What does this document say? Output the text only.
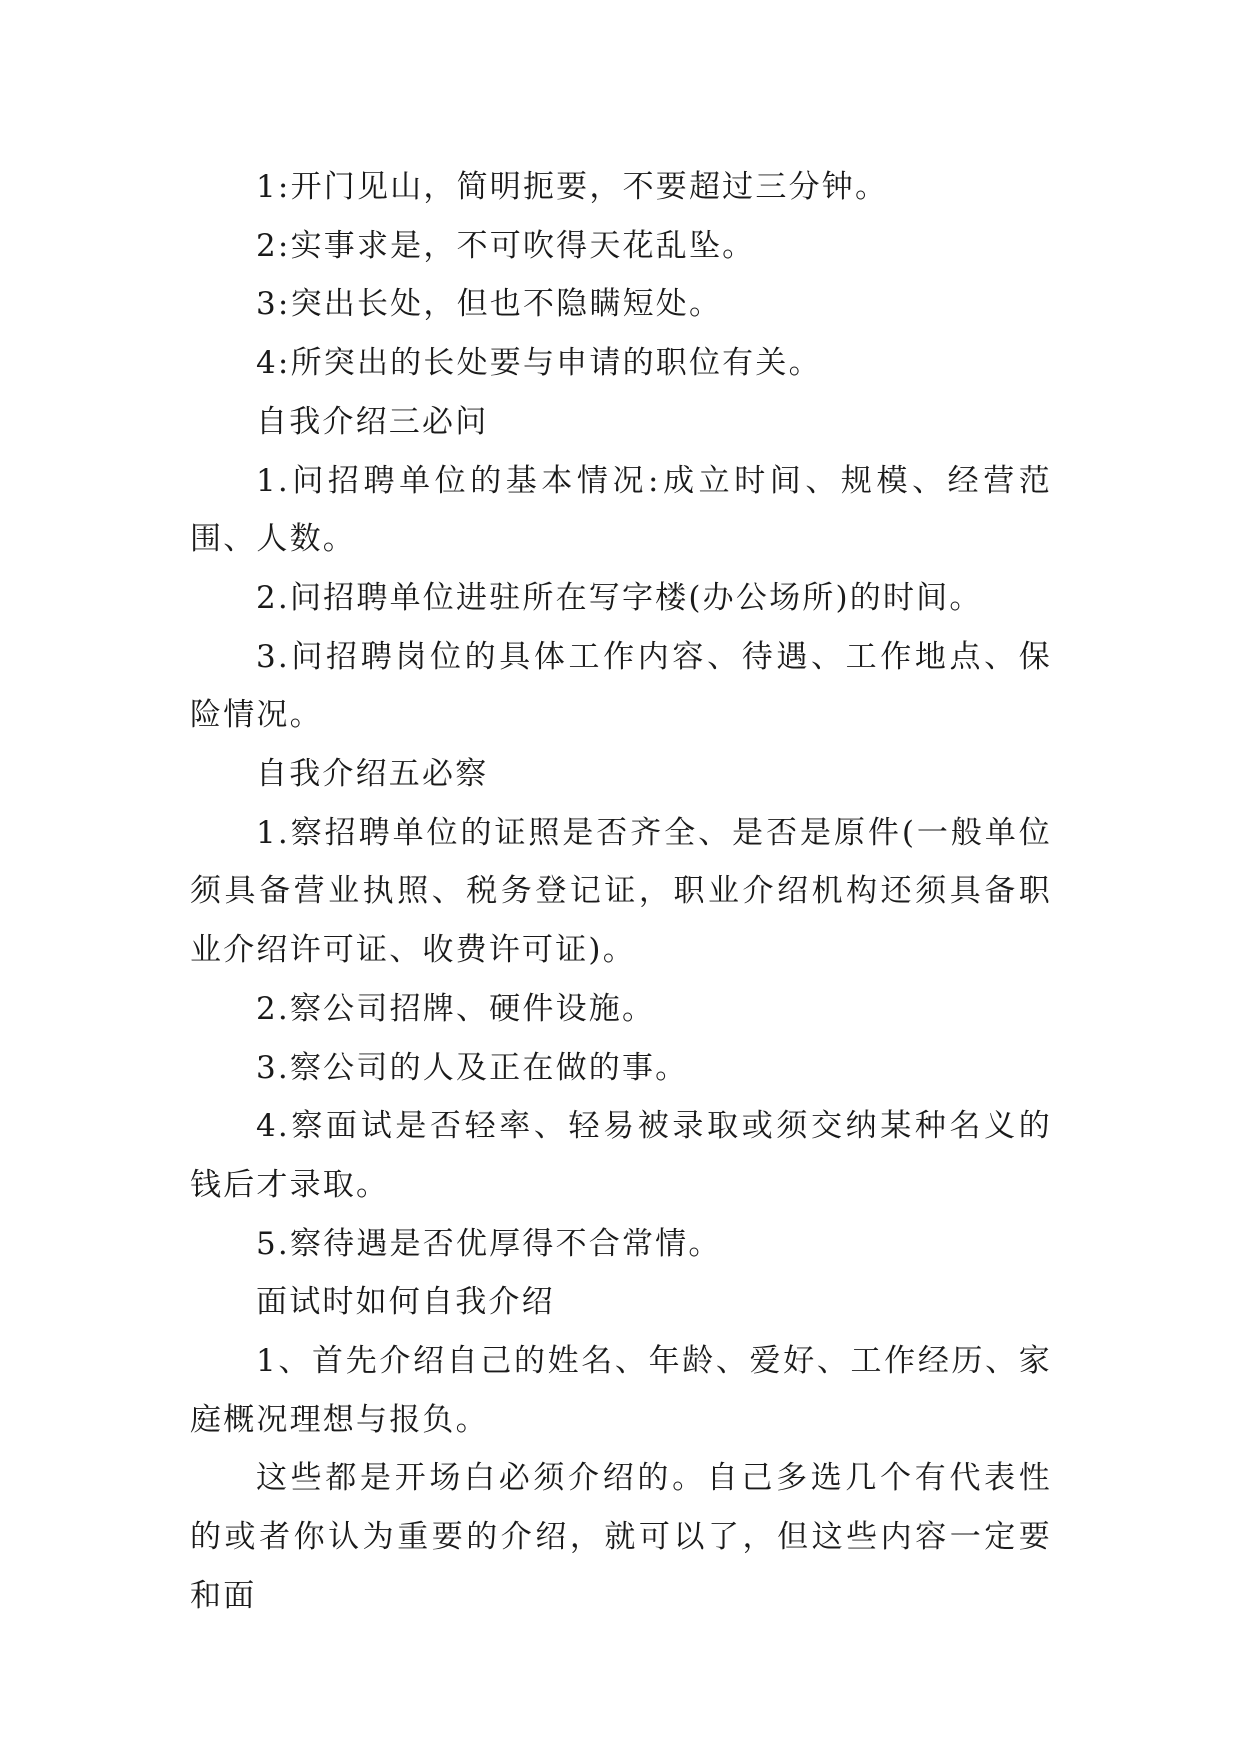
1:开门见山，简明扼要，不要超过三分钟。

2:实事求是，不可吹得天花乱坠。

3:突出长处，但也不隐瞒短处。

4:所突出的长处要与申请的职位有关。

自我介绍三必问

1.问招聘单位的基本情况:成立时间、规模、经营范围、人数。

2.问招聘单位进驻所在写字楼(办公场所)的时间。

3.问招聘岗位的具体工作内容、待遇、工作地点、保险情况。

自我介绍五必察

1.察招聘单位的证照是否齐全、是否是原件(一般单位须具备营业执照、税务登记证，职业介绍机构还须具备职业介绍许可证、收费许可证)。

2.察公司招牌、硬件设施。

3.察公司的人及正在做的事。

4.察面试是否轻率、轻易被录取或须交纳某种名义的钱后才录取。

5.察待遇是否优厚得不合常情。

面试时如何自我介绍

1、首先介绍自己的姓名、年龄、爱好、工作经历、家庭概况理想与报负。

这些都是开场白必须介绍的。自己多选几个有代表性的或者你认为重要的介绍，就可以了，但这些内容一定要和面
